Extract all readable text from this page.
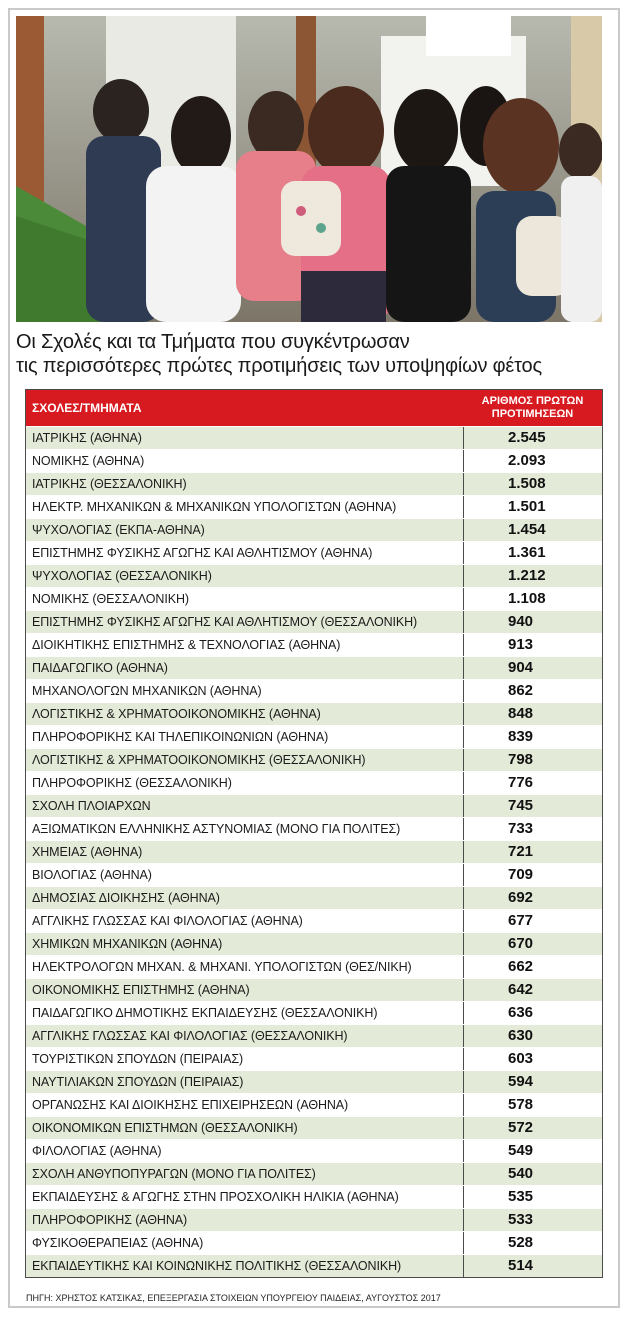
Οι Σχολές και τα Τμήματα που συγκέντρωσαν
τις περισσότερες πρώτες προτιμήσεις των υποψηφίων φέτος
ΣΧΟΛΕΣ/ΤΜΗΜΑΤΑ	ΑΡΙΘΜΟΣ ΠΡΩΤΩΝ
ΠΡΟΤΙΜΗΣΕΩΝ
ΙΑΤΡΙΚΗΣ (ΑΘΗΝΑ)	2.545
ΝΟΜΙΚΗΣ (ΑΘΗΝΑ)	2.093
ΙΑΤΡΙΚΗΣ (ΘΕΣΣΑΛΟΝΙΚΗ)	1.508
ΗΛΕΚΤΡ. ΜΗΧΑΝΙΚΩΝ & ΜΗΧΑΝΙΚΩΝ ΥΠΟΛΟΓΙΣΤΩΝ (ΑΘΗΝΑ)	1.501
ΨΥΧΟΛΟΓΙΑΣ (ΕΚΠΑ-ΑΘΗΝΑ)	1.454
ΕΠΙΣΤΗΜΗΣ ΦΥΣΙΚΗΣ ΑΓΩΓΗΣ ΚΑΙ ΑΘΛΗΤΙΣΜΟΥ (ΑΘΗΝΑ)	1.361
ΨΥΧΟΛΟΓΙΑΣ (ΘΕΣΣΑΛΟΝΙΚΗ)	1.212
ΝΟΜΙΚΗΣ (ΘΕΣΣΑΛΟΝΙΚΗ)	1.108
ΕΠΙΣΤΗΜΗΣ ΦΥΣΙΚΗΣ ΑΓΩΓΗΣ ΚΑΙ ΑΘΛΗΤΙΣΜΟΥ (ΘΕΣΣΑΛΟΝΙΚΗ)	940
ΔΙΟΙΚΗΤΙΚΗΣ ΕΠΙΣΤΗΜΗΣ & ΤΕΧΝΟΛΟΓΙΑΣ (ΑΘΗΝΑ)	913
ΠΑΙΔΑΓΩΓΙΚΟ (ΑΘΗΝΑ)	904
ΜΗΧΑΝΟΛΟΓΩΝ ΜΗΧΑΝΙΚΩΝ (ΑΘΗΝΑ)	862
ΛΟΓΙΣΤΙΚΗΣ & ΧΡΗΜΑΤΟΟΙΚΟΝΟΜΙΚΗΣ (ΑΘΗΝΑ)	848
ΠΛΗΡΟΦΟΡΙΚΗΣ ΚΑΙ ΤΗΛΕΠΙΚΟΙΝΩΝΙΩΝ (ΑΘΗΝΑ)	839
ΛΟΓΙΣΤΙΚΗΣ & ΧΡΗΜΑΤΟΟΙΚΟΝΟΜΙΚΗΣ (ΘΕΣΣΑΛΟΝΙΚΗ)	798
ΠΛΗΡΟΦΟΡΙΚΗΣ (ΘΕΣΣΑΛΟΝΙΚΗ)	776
ΣΧΟΛΗ ΠΛΟΙΑΡΧΩΝ	745
ΑΞΙΩΜΑΤΙΚΩΝ ΕΛΛΗΝΙΚΗΣ ΑΣΤΥΝΟΜΙΑΣ (ΜΟΝΟ ΓΙΑ ΠΟΛΙΤΕΣ)	733
ΧΗΜΕΙΑΣ (ΑΘΗΝΑ)	721
ΒΙΟΛΟΓΙΑΣ (ΑΘΗΝΑ)	709
ΔΗΜΟΣΙΑΣ ΔΙΟΙΚΗΣΗΣ (ΑΘΗΝΑ)	692
ΑΓΓΛΙΚΗΣ ΓΛΩΣΣΑΣ ΚΑΙ ΦΙΛΟΛΟΓΙΑΣ (ΑΘΗΝΑ)	677
ΧΗΜΙΚΩΝ ΜΗΧΑΝΙΚΩΝ (ΑΘΗΝΑ)	670
ΗΛΕΚΤΡΟΛΟΓΩΝ ΜΗΧΑΝ. & ΜΗΧΑΝΙ. ΥΠΟΛΟΓΙΣΤΩΝ (ΘΕΣ/ΝΙΚΗ)	662
ΟΙΚΟΝΟΜΙΚΗΣ ΕΠΙΣΤΗΜΗΣ (ΑΘΗΝΑ)	642
ΠΑΙΔΑΓΩΓΙΚΟ ΔΗΜΟΤΙΚΗΣ ΕΚΠΑΙΔΕΥΣΗΣ (ΘΕΣΣΑΛΟΝΙΚΗ)	636
ΑΓΓΛΙΚΗΣ ΓΛΩΣΣΑΣ ΚΑΙ ΦΙΛΟΛΟΓΙΑΣ (ΘΕΣΣΑΛΟΝΙΚΗ)	630
ΤΟΥΡΙΣΤΙΚΩΝ ΣΠΟΥΔΩΝ (ΠΕΙΡΑΙΑΣ)	603
ΝΑΥΤΙΛΙΑΚΩΝ ΣΠΟΥΔΩΝ (ΠΕΙΡΑΙΑΣ)	594
ΟΡΓΑΝΩΣΗΣ ΚΑΙ ΔΙΟΙΚΗΣΗΣ ΕΠΙΧΕΙΡΗΣΕΩΝ (ΑΘΗΝΑ)	578
ΟΙΚΟΝΟΜΙΚΩΝ ΕΠΙΣΤΗΜΩΝ (ΘΕΣΣΑΛΟΝΙΚΗ)	572
ΦΙΛΟΛΟΓΙΑΣ (ΑΘΗΝΑ)	549
ΣΧΟΛΗ ΑΝΘΥΠΟΠΥΡΑΓΩΝ (ΜΟΝΟ ΓΙΑ ΠΟΛΙΤΕΣ)	540
ΕΚΠΑΙΔΕΥΣΗΣ & ΑΓΩΓΗΣ ΣΤΗΝ ΠΡΟΣΧΟΛΙΚΗ ΗΛΙΚΙΑ (ΑΘΗΝΑ)	535
ΠΛΗΡΟΦΟΡΙΚΗΣ (ΑΘΗΝΑ)	533
ΦΥΣΙΚΟΘΕΡΑΠΕΙΑΣ (ΑΘΗΝΑ)	528
ΕΚΠΑΙΔΕΥΤΙΚΗΣ ΚΑΙ ΚΟΙΝΩΝΙΚΗΣ ΠΟΛΙΤΙΚΗΣ (ΘΕΣΣΑΛΟΝΙΚΗ)	514
ΠΗΓΗ: ΧΡΗΣΤΟΣ ΚΑΤΣΙΚΑΣ, ΕΠΕΞΕΡΓΑΣΙΑ ΣΤΟΙΧΕΙΩΝ ΥΠΟΥΡΓΕΙΟΥ ΠΑΙΔΕΙΑΣ, ΑΥΓΟΥΣΤΟΣ 2017
